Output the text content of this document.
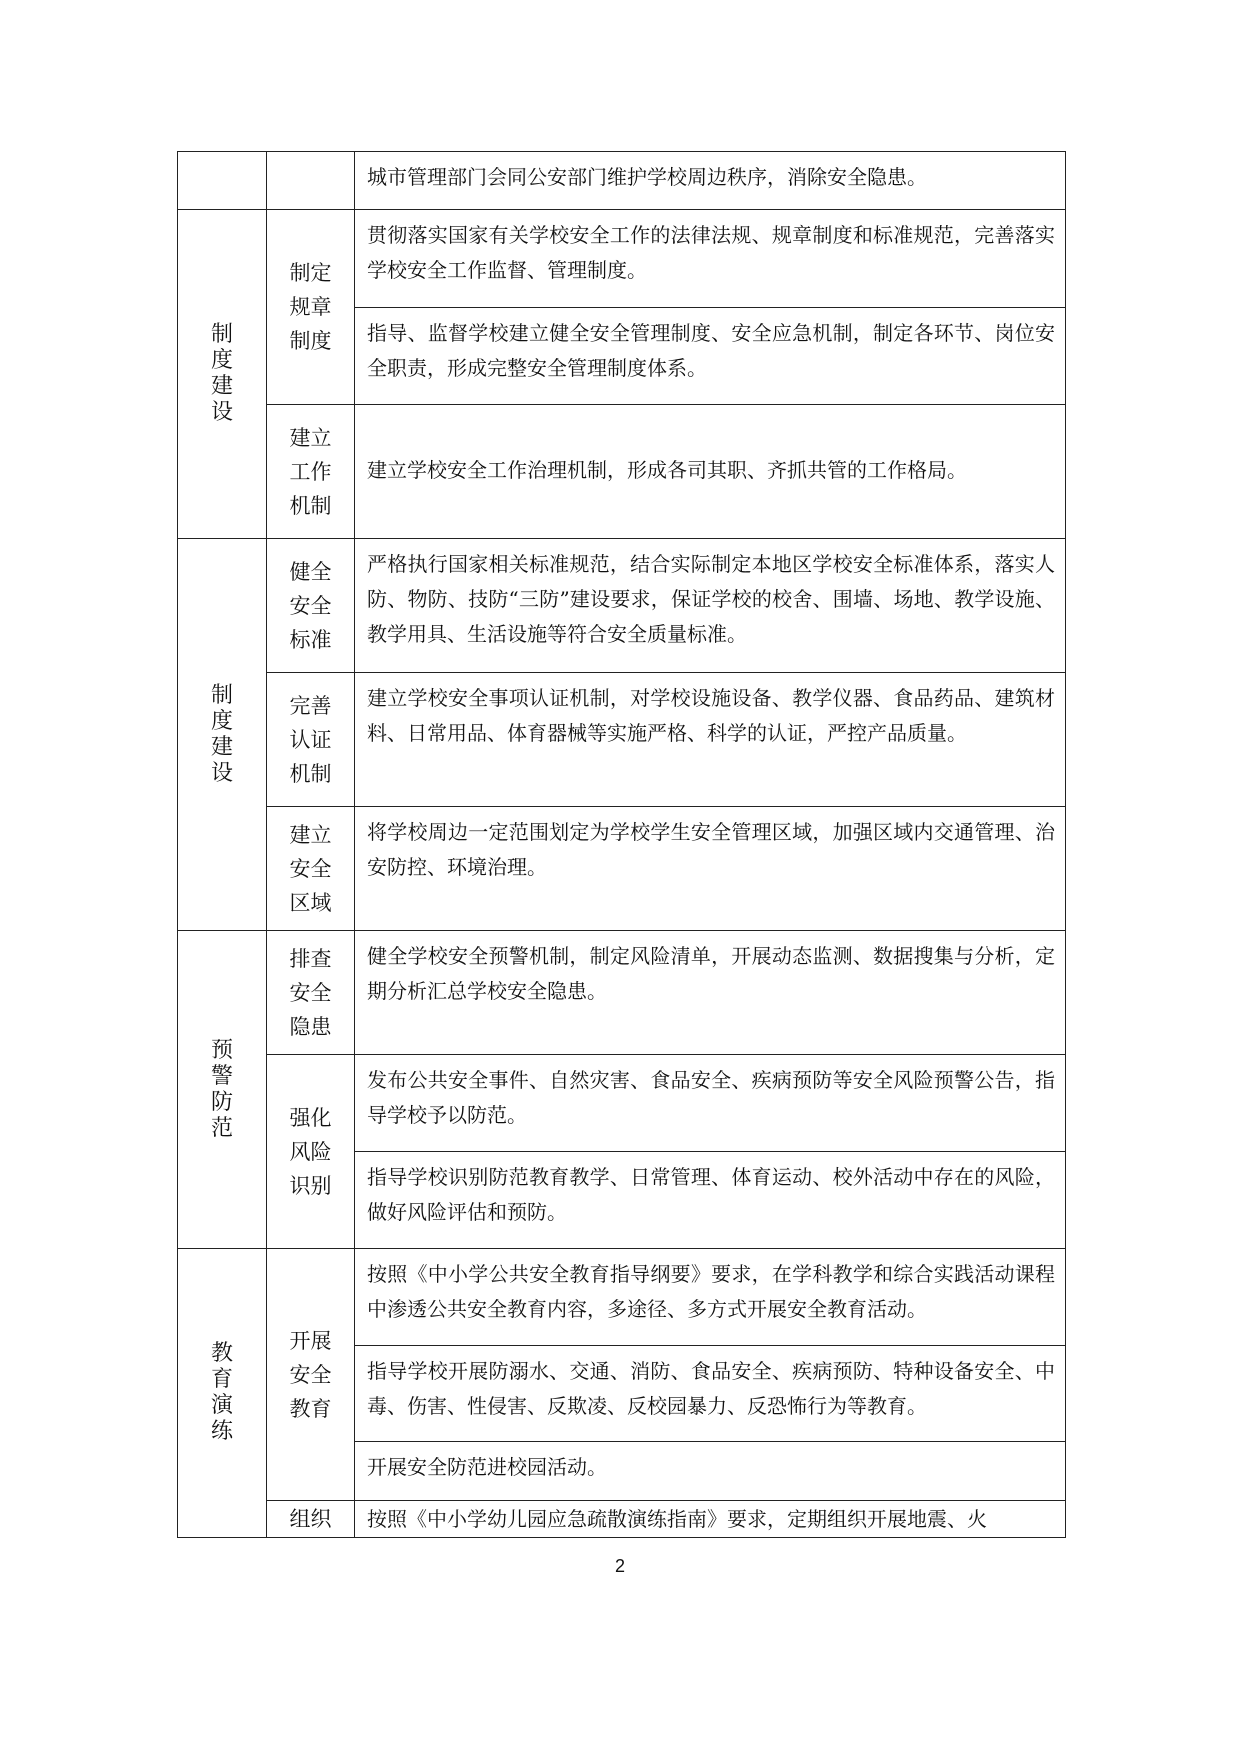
		城市管理部门会同公安部门维护学校周边秩序，消除安全隐患。
制度建设	制定规章制度	贯彻落实国家有关学校安全工作的法律法规、规章制度和标准规范，完善落实学校安全工作监督、管理制度。
		指导、监督学校建立健全安全管理制度、安全应急机制，制定各环节、岗位安全职责，形成完整安全管理制度体系。
	建立工作机制	建立学校安全工作治理机制，形成各司其职、齐抓共管的工作格局。
制度建设	健全安全标准	严格执行国家相关标准规范，结合实际制定本地区学校安全标准体系，落实人防、物防、技防“三防”建设要求，保证学校的校舍、围墙、场地、教学设施、教学用具、生活设施等符合安全质量标准。
	完善认证机制	建立学校安全事项认证机制，对学校设施设备、教学仪器、食品药品、建筑材料、日常用品、体育器械等实施严格、科学的认证，严控产品质量。
	建立安全区域	将学校周边一定范围划定为学校学生安全管理区域，加强区域内交通管理、治安防控、环境治理。
预警防范	排查安全隐患	健全学校安全预警机制，制定风险清单，开展动态监测、数据搜集与分析，定期分析汇总学校安全隐患。
	强化风险识别	发布公共安全事件、自然灾害、食品安全、疾病预防等安全风险预警公告，指导学校予以防范。
		指导学校识别防范教育教学、日常管理、体育运动、校外活动中存在的风险，做好风险评估和预防。
教育演练	开展安全教育	按照《中小学公共安全教育指导纲要》要求，在学科教学和综合实践活动课程中渗透公共安全教育内容，多途径、多方式开展安全教育活动。
		指导学校开展防溺水、交通、消防、食品安全、疾病预防、特种设备安全、中毒、伤害、性侵害、反欺凌、反校园暴力、反恐怖行为等教育。
		开展安全防范进校园活动。
	组织	按照《中小学幼儿园应急疏散演练指南》要求，定期组织开展地震、火
2
